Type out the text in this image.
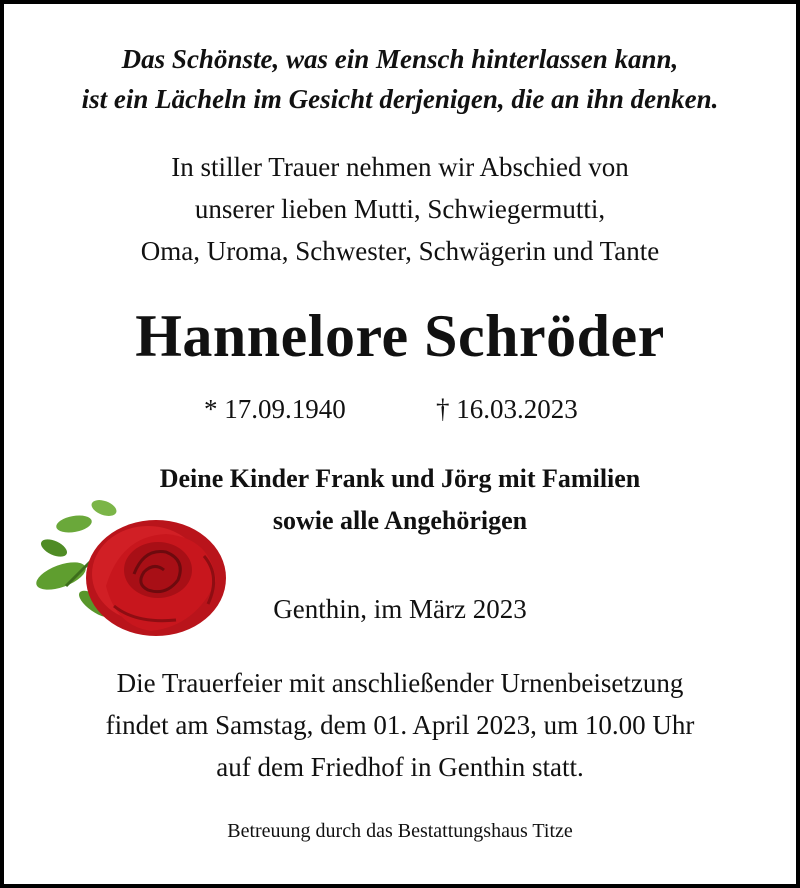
Das Schönste, was ein Mensch hinterlassen kann,
ist ein Lächeln im Gesicht derjenigen, die an ihn denken.
In stiller Trauer nehmen wir Abschied von
unserer lieben Mutti, Schwiegermutti,
Oma, Uroma, Schwester, Schwägerin und Tante
Hannelore Schröder
* 17.09.1940	† 16.03.2023
Deine Kinder Frank und Jörg mit Familien
sowie alle Angehörigen
Genthin, im März 2023
Die Trauerfeier mit anschließender Urnenbeisetzung
findet am Samstag, dem 01. April 2023, um 10.00 Uhr
auf dem Friedhof in Genthin statt.
Betreuung durch das Bestattungshaus Titze
